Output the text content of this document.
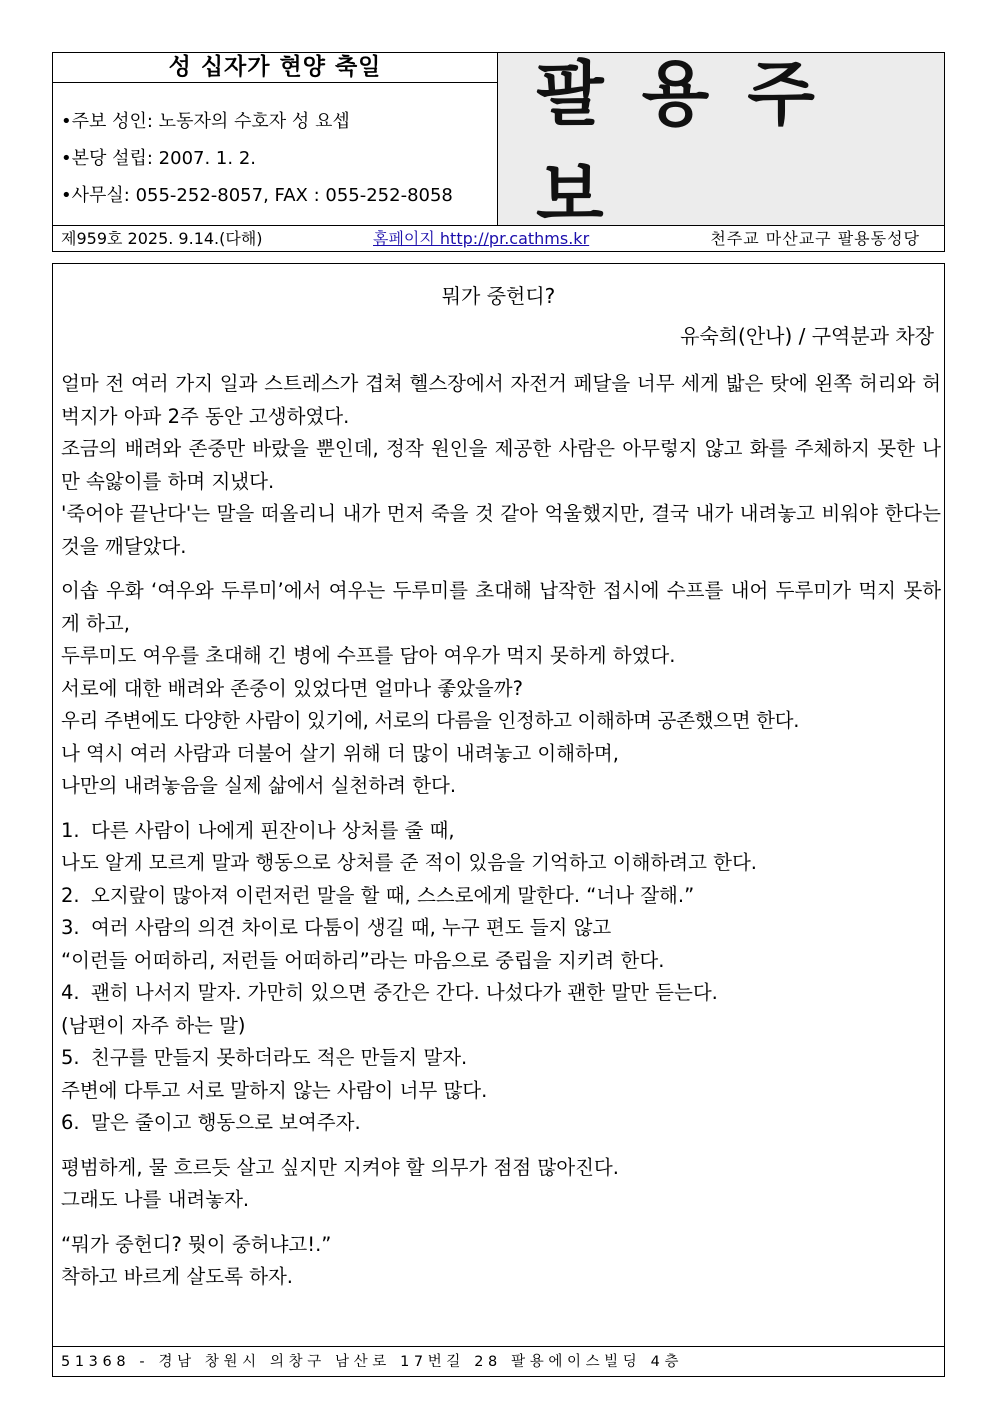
성 십자가 현양 축일
•주보 성인: 노동자의 수호자 성 요셉
•본당 설립: 2007. 1. 2.
•사무실: 055-252-8057, FAX : 055-252-8058
팔용주보
제959호 2025. 9.14.(다해)	홈페이지 http://pr.cathms.kr	천주교 마산교구 팔용동성당
뭐가 중헌디?
유숙희(안나) / 구역분과 차장

얼마 전 여러 가지 일과 스트레스가 겹쳐 헬스장에서 자전거 페달을 너무 세게 밟은 탓에 왼쪽 허리와 허벅지가 아파 2주 동안 고생하였다.

조금의 배려와 존중만 바랐을 뿐인데, 정작 원인을 제공한 사람은 아무렇지 않고 화를 주체하지 못한 나만 속앓이를 하며 지냈다.

'죽어야 끝난다'는 말을 떠올리니 내가 먼저 죽을 것 같아 억울했지만, 결국 내가 내려놓고 비워야 한다는 것을 깨달았다.

이솝 우화 ‘여우와 두루미’에서 여우는 두루미를 초대해 납작한 접시에 수프를 내어 두루미가 먹지 못하게 하고,

두루미도 여우를 초대해 긴 병에 수프를 담아 여우가 먹지 못하게 하였다.

서로에 대한 배려와 존중이 있었다면 얼마나 좋았을까?

우리 주변에도 다양한 사람이 있기에, 서로의 다름을 인정하고 이해하며 공존했으면 한다.

나 역시 여러 사람과 더불어 살기 위해 더 많이 내려놓고 이해하며,

나만의 내려놓음을 실제 삶에서 실천하려 한다.

1. 다른 사람이 나에게 핀잔이나 상처를 줄 때,
나도 알게 모르게 말과 행동으로 상처를 준 적이 있음을 기억하고 이해하려고 한다.
2. 오지랖이 많아져 이런저런 말을 할 때, 스스로에게 말한다. “너나 잘해.”
3. 여러 사람의 의견 차이로 다툼이 생길 때, 누구 편도 들지 않고
“이런들 어떠하리, 저런들 어떠하리”라는 마음으로 중립을 지키려 한다.
4. 괜히 나서지 말자. 가만히 있으면 중간은 간다. 나섰다가 괜한 말만 듣는다.
(남편이 자주 하는 말)
5. 친구를 만들지 못하더라도 적은 만들지 말자.
주변에 다투고 서로 말하지 않는 사람이 너무 많다.
6. 말은 줄이고 행동으로 보여주자.

평범하게, 물 흐르듯 살고 싶지만 지켜야 할 의무가 점점 많아진다.

그래도 나를 내려놓자.

“뭐가 중헌디? 뭣이 중허냐고!.”

착하고 바르게 살도록 하자.

5 1 3 6 8   -   경 남   창 원 시   의 창 구   남 산 로   1 7 번 길   2 8   팔 용 에 이 스 빌 딩   4 층
